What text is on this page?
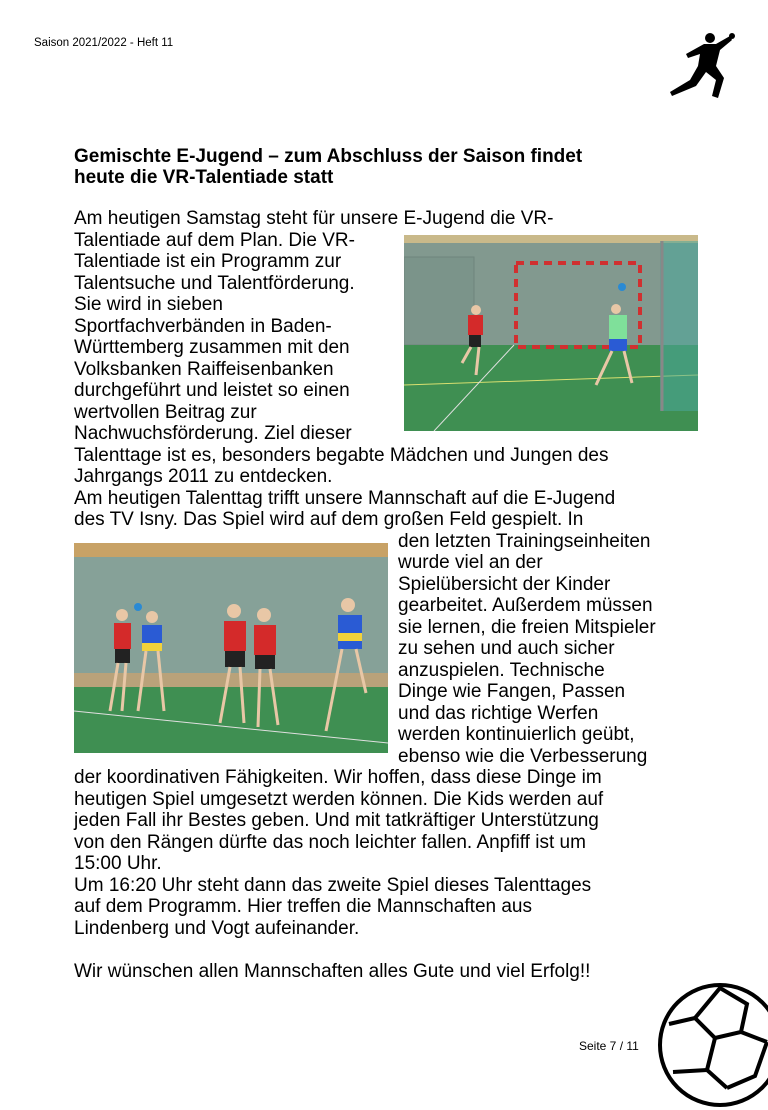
Saison 2021/2022 - Heft 11
Gemischte E-Jugend – zum Abschluss der Saison findet
heute die VR-Talentiade statt
Am heutigen Samstag steht für unsere E-Jugend die VR-
Talentiade auf dem Plan. Die VR-
Talentiade ist ein Programm zur
Talentsuche und Talentförderung.
Sie wird in sieben
Sportfachverbänden in Baden-
Württemberg zusammen mit den
Volksbanken Raiffeisenbanken
durchgeführt und leistet so einen
wertvollen Beitrag zur
Nachwuchsförderung. Ziel dieser
Talenttage ist es, besonders begabte Mädchen und Jungen des
Jahrgangs 2011 zu entdecken.
Am heutigen Talenttag trifft unsere Mannschaft auf die E-Jugend
des TV Isny. Das Spiel wird auf dem großen Feld gespielt. In
den letzten Trainingseinheiten
wurde viel an der
Spielübersicht der Kinder
gearbeitet. Außerdem müssen
sie lernen, die freien Mitspieler
zu sehen und auch sicher
anzuspielen. Technische
Dinge wie Fangen, Passen
und das richtige Werfen
werden kontinuierlich geübt,
ebenso wie die Verbesserung
der koordinativen Fähigkeiten. Wir hoffen, dass diese Dinge im
heutigen Spiel umgesetzt werden können. Die Kids werden auf
jeden Fall ihr Bestes geben. Und mit tatkräftiger Unterstützung
von den Rängen dürfte das noch leichter fallen. Anpfiff ist um
15:00 Uhr.
Um 16:20 Uhr steht dann das zweite Spiel dieses Talenttages
auf dem Programm. Hier treffen die Mannschaften aus
Lindenberg und Vogt aufeinander.

Wir wünschen allen Mannschaften alles Gute und viel Erfolg!!
Seite 7 / 11
